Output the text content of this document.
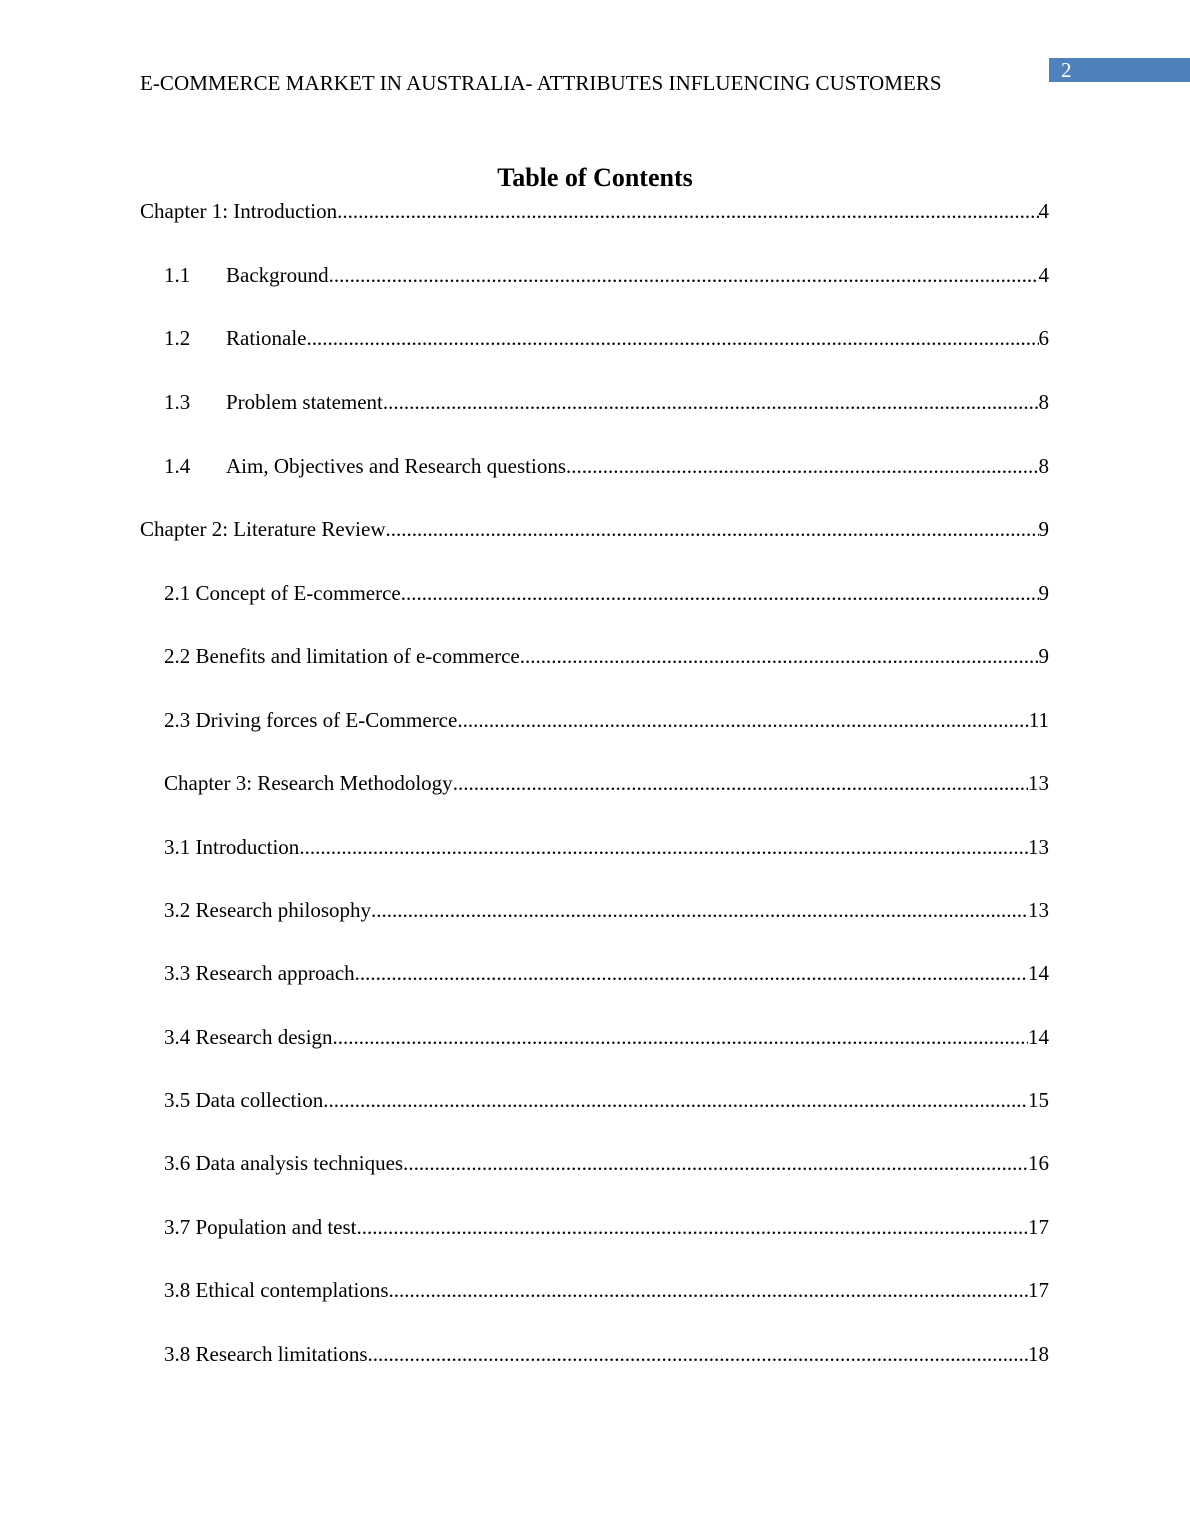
E-COMMERCE MARKET IN AUSTRALIA- ATTRIBUTES INFLUENCING CUSTOMERS
2
Table of Contents
Chapter 1: Introduction .....	4
1.1	Background .....	4
1.2	Rationale .....	6
1.3	Problem statement .....	8
1.4	Aim, Objectives and Research questions .....	8
Chapter 2: Literature Review .....	9
2.1 Concept of E-commerce .....	9
2.2 Benefits and limitation of e-commerce .....	9
2.3 Driving forces of E-Commerce .....	11
Chapter 3: Research Methodology .....	13
3.1 Introduction .....	13
3.2 Research philosophy .....	13
3.3 Research approach .....	14
3.4 Research design .....	14
3.5 Data collection .....	15
3.6 Data analysis techniques .....	16
3.7 Population and test .....	17
3.8 Ethical contemplations .....	17
3.8 Research limitations .....	18
